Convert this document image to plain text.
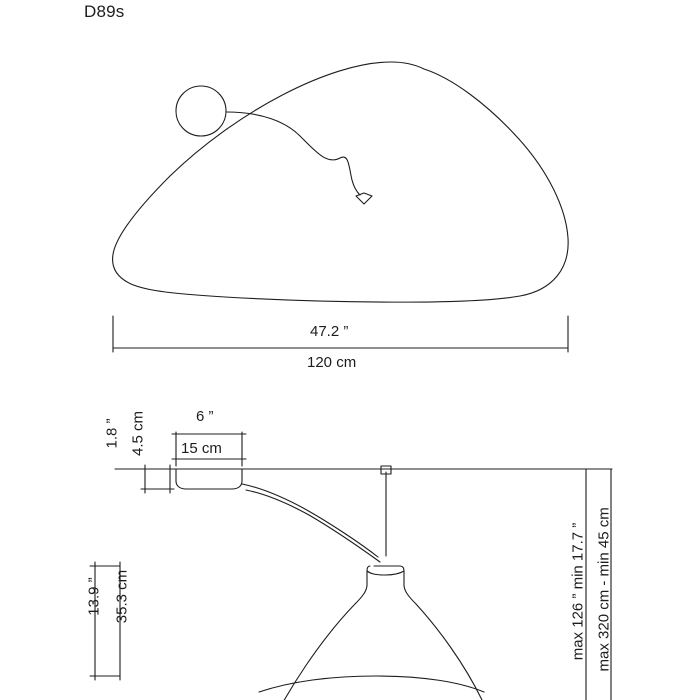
D89s
47.2 ”
120 cm
6 ”
15 cm
1.8 ” 4.5 cm
13.9 ” 35.3 cm	max 126 ” min 17.7 ” max 320 cm - min 45 cm
